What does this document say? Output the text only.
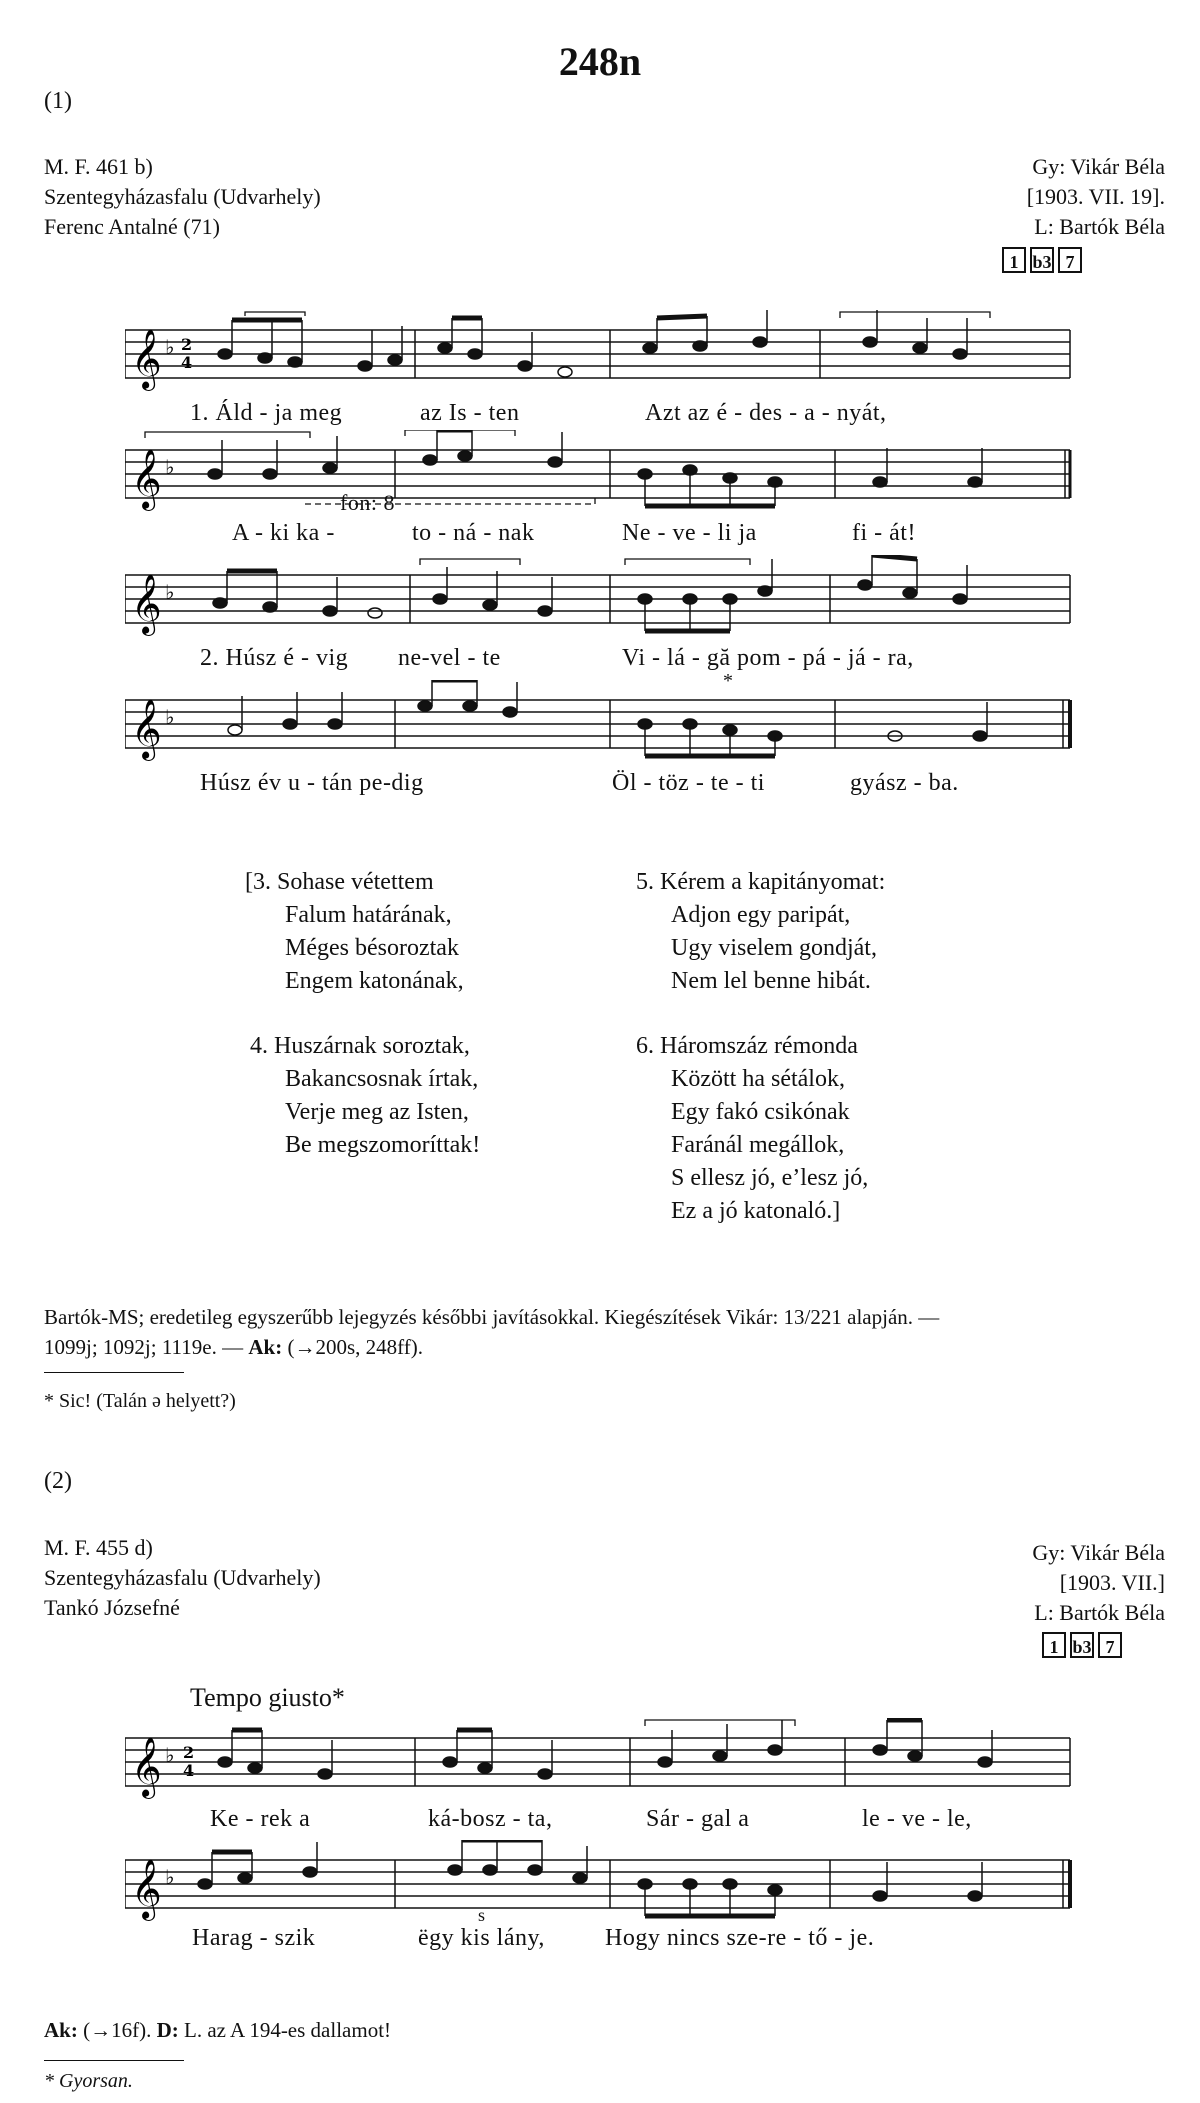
248n
(1)
M. F. 461 b)
Szentegyházasfalu (Udvarhely)
Ferenc Antalné (71)
Gy: Vikár Béla
[1903. VII. 19].
L: Bartók Béla
1 b3 7
𝄞 ♭ 2
4
1. Áld - ja meg	az Is - ten	Azt az é - des - a - nyát,
𝄞 ♭
A - ki ka -	to - ná - nak	Ne - ve - li ja	fi - át!
fon: 8
𝄞 ♭
2. Húsz é - vig ne-vel - te	Vi - lá - gă pom - pá - já - ra,
*
𝄞 ♭
Húsz év u - tán pe-dig	Öl - töz - te - ti	gyász - ba.
[3. Sohase vétettem
Falum határának,
Méges bésoroztak
Engem katonának,
4. Huszárnak soroztak,
Bakancsosnak írtak,
Verje meg az Isten,
Be megszomoríttak!
5. Kérem a kapitányomat:
Adjon egy paripát,
Ugy viselem gondját,
Nem lel benne hibát.
6. Háromszáz rémonda
Között ha sétálok,
Egy fakó csikónak
Faránál megállok,
S ellesz jó, e’lesz jó,
Ez a jó katonaló.]
Bartók-MS; eredetileg egyszerűbb lejegyzés későbbi javításokkal. Kiegészítések Vikár: 13/221 alapján. —
1099j; 1092j; 1119e. — Ak: (→200s, 248ff).
* Sic! (Talán ə helyett?)
(2)
M. F. 455 d)
Szentegyházasfalu (Udvarhely)
Tankó Józsefné
Gy: Vikár Béla
[1903. VII.]
L: Bartók Béla
1 b3 7
Tempo giusto*
𝄞 ♭ 2
4
Ke - rek a	ká-bosz - ta,	Sár - gal a	le - ve - le,
𝄞 ♭
s
Harag - szik	ëgy kis lány,	Hogy nincs sze-re - tő - je.
Ak: (→16f). D: L. az A 194-es dallamot!
* Gyorsan.
